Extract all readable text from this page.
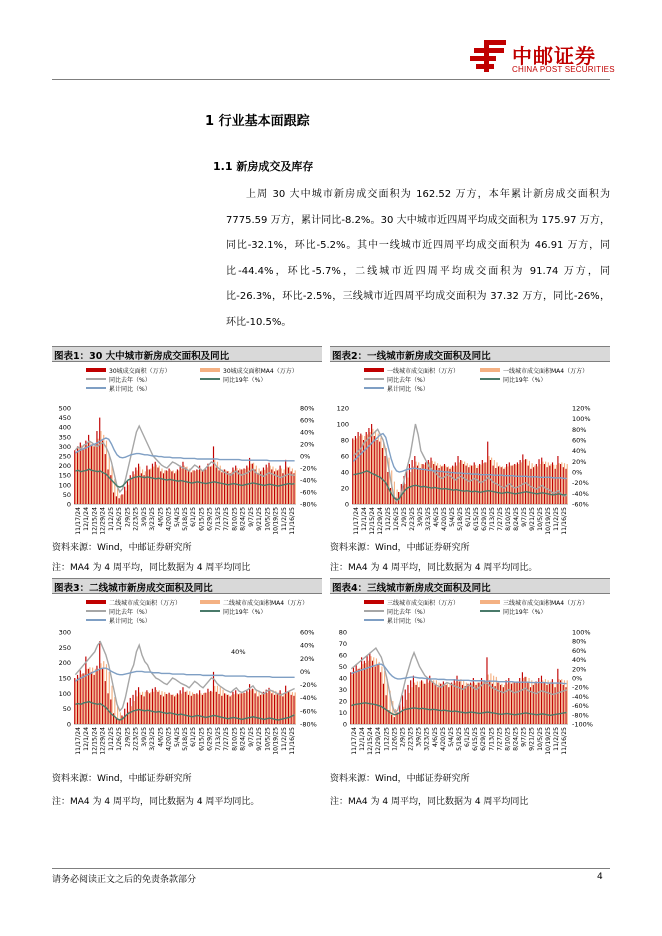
中邮证券
CHINA POST SECURITIES
1 行业基本面跟踪
1.1 新房成交及库存
上周 30 大中城市新房成交面积为 162.52 万方，本年累计新房成交面积为 7775.59 万方，累计同比-8.2%。30 大中城市近四周平均成交面积为 175.97 万方，同比-32.1%，环比-5.2%。其中一线城市近四周平均成交面积为 46.91 万方，同比-44.4%，环比-5.7%，二线城市近四周平均成交面积为 91.74 万方，同比-26.3%，环比-2.5%，三线城市近四周平均成交面积为 37.32 万方，同比-26%，环比-10.5%。
图表1：30 大中城市新房成交面积及同比
30城成交面积（万方）	30城成交面积MA4（万方）
同比去年（%）	同比19年（%）
累计同比（%）
500
450
400
350
300
250
200
150
100
50
0
80%
60%
40%
20%
0%
-20%
-40%
-60%
-80%
11/17/24 12/1/24 12/15/24 12/29/24 1/12/25 1/26/25 2/9/25 2/23/25 3/9/25 3/23/25 4/6/25 4/20/25 5/4/25 5/18/25 6/1/25 6/15/25 6/29/25 7/13/25 7/27/25 8/10/25 8/24/25 9/7/25 9/21/25 10/5/25 10/19/25 11/2/25 11/16/25
资料来源：Wind，中邮证券研究所
注：MA4 为 4 周平均，同比数据为 4 周平均同比
图表2：一线城市新房成交面积及同比
一线城市成交面积（万方）	一线城市成交面积MA4（万方）
同比去年（%）	同比19年（%）
累计同比（%）
120
100
80
60
40
20
0
120%
100%
80%
60%
40%
20%
0%
-20%
-40%
-60%
11/17/24 12/1/24 12/15/24 12/29/24 1/12/25 1/26/25 2/9/25 2/23/25 3/9/25 3/23/25 4/6/25 4/20/25 5/4/25 5/18/25 6/1/25 6/15/25 6/29/25 7/13/25 7/27/25 8/10/25 8/24/25 9/7/25 9/21/25 10/5/25 10/19/25 11/2/25 11/16/25
资料来源：Wind，中邮证券研究所
注：MA4 为 4 周平均，同比数据为 4 周平均同比。
图表3：二线城市新房成交面积及同比
二线城市成交面积（万方）	二线城市成交面积MA4（万方）
同比去年（%）	同比19年（%）
累计同比（%）
300
250
200
150
100
50
0
60%
40%
20%
0%
-20%
-40%
-60%
-80%
40%
11/17/24 12/1/24 12/15/24 12/29/24 1/12/25 1/26/25 2/9/25 2/23/25 3/9/25 3/23/25 4/6/25 4/20/25 5/4/25 5/18/25 6/1/25 6/15/25 6/29/25 7/13/25 7/27/25 8/10/25 8/24/25 9/7/25 9/21/25 10/5/25 10/19/25 11/2/25 11/16/25
资料来源：Wind，中邮证券研究所
注：MA4 为 4 周平均，同比数据为 4 周平均同比。
图表4：三线城市新房成交面积及同比
三线城市成交面积（万方）	三线城市成交面积MA4（万方）
同比去年（%）	同比19年（%）
累计同比（%）
80
70
60
50
40
30
20
10
0
100%
80%
60%
40%
20%
0%
-20%
-40%
-60%
-80%
-100%
11/17/24 12/1/24 12/15/24 12/29/24 1/12/25 1/26/25 2/9/25 2/23/25 3/9/25 3/23/25 4/6/25 4/20/25 5/4/25 5/18/25 6/1/25 6/15/25 6/29/25 7/13/25 7/27/25 8/10/25 8/24/25 9/7/25 9/21/25 10/5/25 10/19/25 11/2/25 11/16/25
资料来源：Wind，中邮证券研究所
注：MA4 为 4 周平均，同比数据为 4 周平均同比
请务必阅读正文之后的免责条款部分	4
